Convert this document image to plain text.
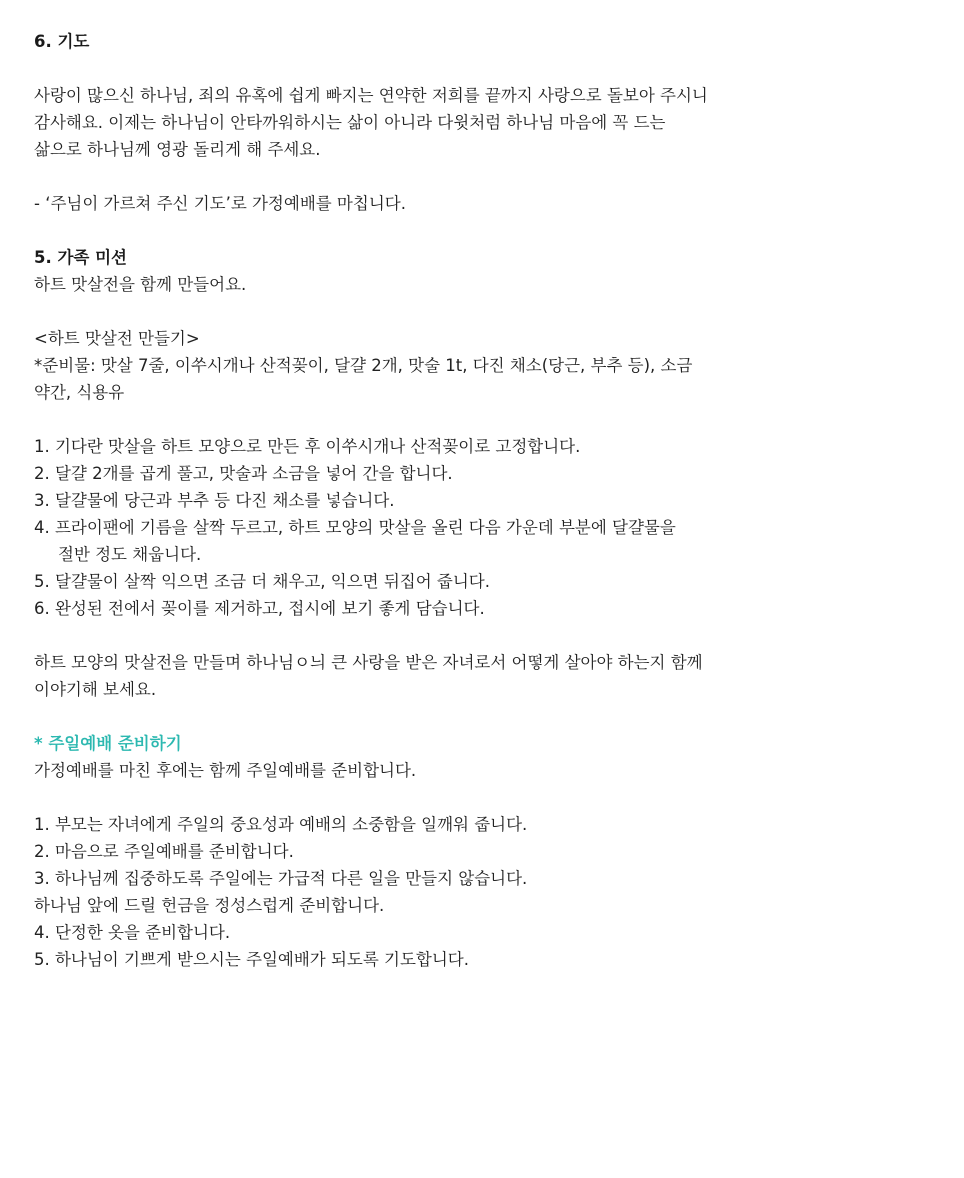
6. 기도
사랑이 많으신 하나님, 죄의 유혹에 쉽게 빠지는 연약한 저희를 끝까지 사랑으로 돌보아 주시니
감사해요. 이제는 하나님이 안타까워하시는 삶이 아니라 다윗처럼 하나님 마음에 꼭 드는
삶으로 하나님께 영광 돌리게 해 주세요.
- ‘주님이 가르쳐 주신 기도’로 가정예배를 마칩니다.
5. 가족 미션
하트 맛살전을 함께 만들어요.
<하트 맛살전 만들기>
*준비물: 맛살 7줄, 이쑤시개나 산적꽂이, 달걀 2개, 맛술 1t, 다진 채소(당근, 부추 등), 소금
약간, 식용유
1. 기다란 맛살을 하트 모양으로 만든 후 이쑤시개나 산적꽂이로 고정합니다.
2. 달걀 2개를 곱게 풀고, 맛술과 소금을 넣어 간을 합니다.
3. 달걀물에 당근과 부추 등 다진 채소를 넣습니다.
4. 프라이팬에 기름을 살짝 두르고, 하트 모양의 맛살을 올린 다음 가운데 부분에 달걀물을
절반 정도 채웁니다.
5. 달걀물이 살짝 익으면 조금 더 채우고, 익으면 뒤집어 줍니다.
6. 완성된 전에서 꽂이를 제거하고, 접시에 보기 좋게 담습니다.
하트 모양의 맛살전을 만들며 하나님ㅇ늬 큰 사랑을 받은 자녀로서 어떻게 살아야 하는지 함께
이야기해 보세요.
* 주일예배 준비하기
가정예배를 마친 후에는 함께 주일예배를 준비합니다.
1. 부모는 자녀에게 주일의 중요성과 예배의 소중함을 일깨워 줍니다.
2. 마음으로 주일예배를 준비합니다.
3. 하나님께 집중하도록 주일에는 가급적 다른 일을 만들지 않습니다.
하나님 앞에 드릴 헌금을 정성스럽게 준비합니다.
4. 단정한 옷을 준비합니다.
5. 하나님이 기쁘게 받으시는 주일예배가 되도록 기도합니다.
